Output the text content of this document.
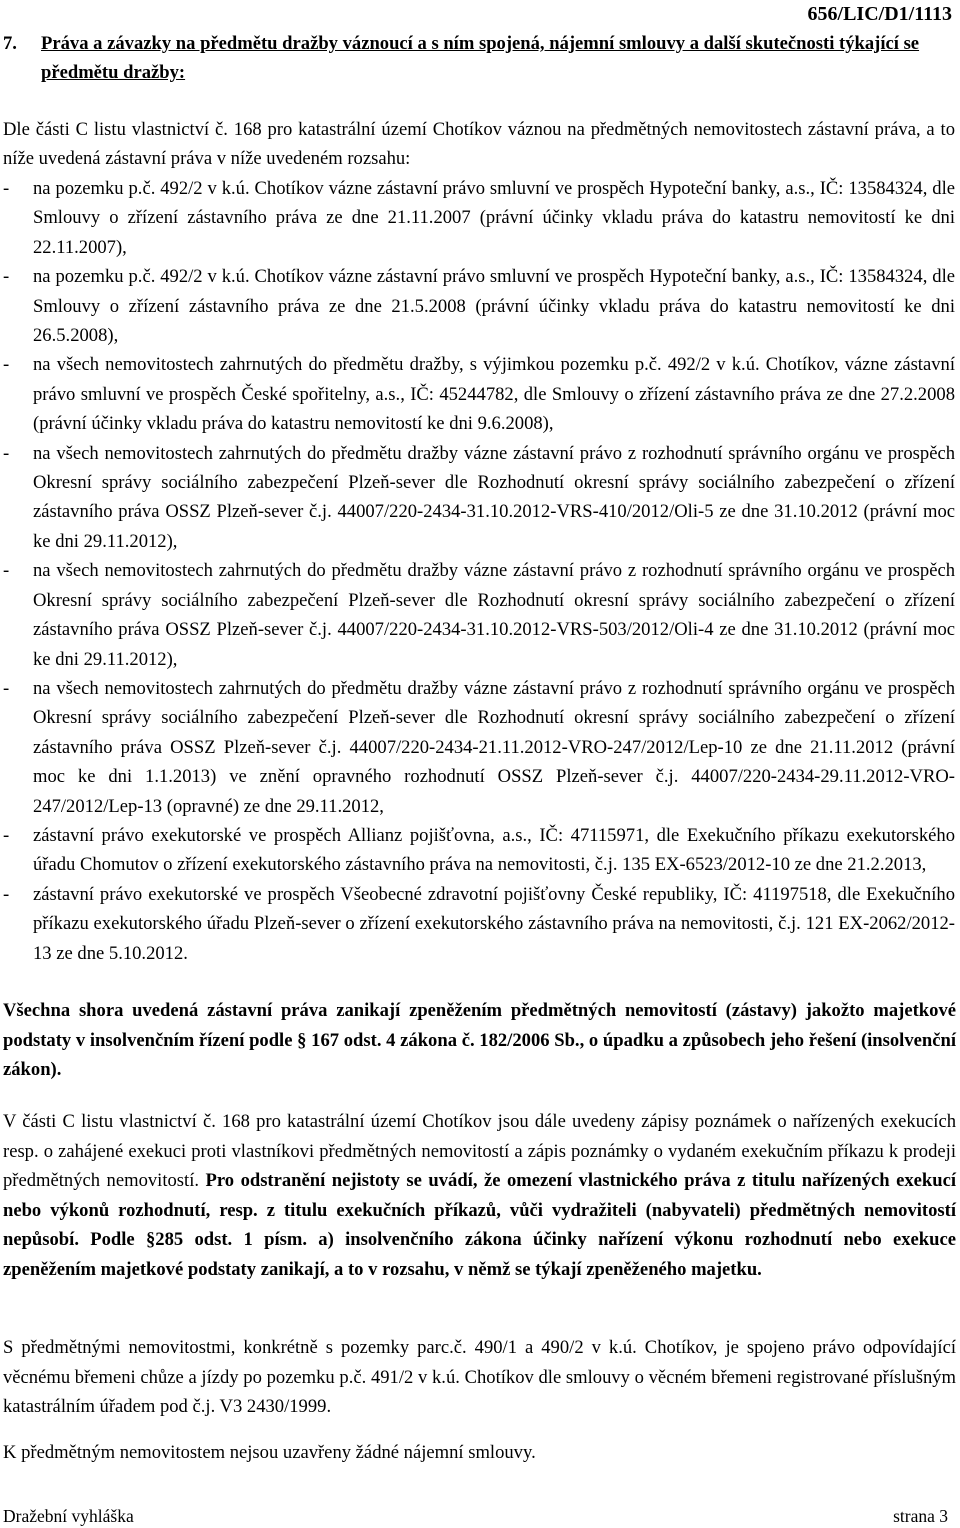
656/LIC/D1/1113
7.	Práva a závazky na předmětu dražby váznoucí a s ním spojená, nájemní smlouvy a další skutečnosti týkající se předmětu dražby:
Dle části C listu vlastnictví č. 168 pro katastrální území Chotíkov váznou na předmětných nemovitostech zástavní práva, a to níže uvedená zástavní práva v níže uvedeném rozsahu:
-	na pozemku p.č. 492/2 v k.ú. Chotíkov vázne zástavní právo smluvní ve prospěch Hypoteční banky, a.s., IČ: 13584324, dle Smlouvy o zřízení zástavního práva ze dne 21.11.2007 (právní účinky vkladu práva do katastru nemovitostí ke dni 22.11.2007),
-	na pozemku p.č. 492/2 v k.ú. Chotíkov vázne zástavní právo smluvní ve prospěch Hypoteční banky, a.s., IČ: 13584324, dle Smlouvy o zřízení zástavního práva ze dne 21.5.2008 (právní účinky vkladu práva do katastru nemovitostí ke dni 26.5.2008),
-	na všech nemovitostech zahrnutých do předmětu dražby, s výjimkou pozemku p.č. 492/2 v k.ú. Chotíkov, vázne zástavní právo smluvní ve prospěch České spořitelny, a.s., IČ: 45244782, dle Smlouvy o zřízení zástavního práva ze dne 27.2.2008 (právní účinky vkladu práva do katastru nemovitostí ke dni 9.6.2008),
-	na všech nemovitostech zahrnutých do předmětu dražby vázne zástavní právo z rozhodnutí správního orgánu ve prospěch Okresní správy sociálního zabezpečení Plzeň-sever dle Rozhodnutí okresní správy sociálního zabezpečení o zřízení zástavního práva OSSZ Plzeň-sever č.j. 44007/220-2434-31.10.2012-VRS-410/2012/Oli-5 ze dne 31.10.2012 (právní moc ke dni 29.11.2012),
-	na všech nemovitostech zahrnutých do předmětu dražby vázne zástavní právo z rozhodnutí správního orgánu ve prospěch Okresní správy sociálního zabezpečení Plzeň-sever dle Rozhodnutí okresní správy sociálního zabezpečení o zřízení zástavního práva OSSZ Plzeň-sever č.j. 44007/220-2434-31.10.2012-VRS-503/2012/Oli-4 ze dne 31.10.2012 (právní moc ke dni 29.11.2012),
-	na všech nemovitostech zahrnutých do předmětu dražby vázne zástavní právo z rozhodnutí správního orgánu ve prospěch Okresní správy sociálního zabezpečení Plzeň-sever dle Rozhodnutí okresní správy sociálního zabezpečení o zřízení zástavního práva OSSZ Plzeň-sever č.j. 44007/220-2434-21.11.2012-VRO-247/2012/Lep-10 ze dne 21.11.2012 (právní moc ke dni 1.1.2013) ve znění opravného rozhodnutí OSSZ Plzeň-sever č.j. 44007/220-2434-29.11.2012-VRO-247/2012/Lep-13 (opravné) ze dne 29.11.2012,
-	zástavní právo exekutorské ve prospěch Allianz pojišťovna, a.s., IČ: 47115971, dle Exekučního příkazu exekutorského úřadu Chomutov o zřízení exekutorského zástavního práva na nemovitosti, č.j. 135 EX-6523/2012-10 ze dne 21.2.2013,
-	zástavní právo exekutorské ve prospěch Všeobecné zdravotní pojišťovny České republiky, IČ: 41197518, dle Exekučního příkazu exekutorského úřadu Plzeň-sever o zřízení exekutorského zástavního práva na nemovitosti, č.j. 121 EX-2062/2012-13 ze dne 5.10.2012.
Všechna shora uvedená zástavní práva zanikají zpeněžením předmětných nemovitostí (zástavy) jakožto majetkové podstaty v insolvenčním řízení podle § 167 odst. 4 zákona č. 182/2006 Sb., o úpadku a způsobech jeho řešení (insolvenční zákon).
V části C listu vlastnictví č. 168 pro katastrální území Chotíkov jsou dále uvedeny zápisy poznámek o nařízených exekucích resp. o zahájené exekuci proti vlastníkovi předmětných nemovitostí a zápis poznámky o vydaném exekučním příkazu k prodeji předmětných nemovitostí. Pro odstranění nejistoty se uvádí, že omezení vlastnického práva z titulu nařízených exekucí nebo výkonů rozhodnutí, resp. z titulu exekučních příkazů, vůči vydražiteli (nabyvateli) předmětných nemovitostí nepůsobí. Podle §285 odst. 1 písm. a) insolvenčního zákona účinky nařízení výkonu rozhodnutí nebo exekuce zpeněžením majetkové podstaty zanikají, a to v rozsahu, v němž se týkají zpeněženého majetku.
S předmětnými nemovitostmi, konkrétně s pozemky parc.č. 490/1 a 490/2 v k.ú. Chotíkov, je spojeno právo odpovídající věcnému břemeni chůze a jízdy po pozemku p.č. 491/2 v k.ú. Chotíkov dle smlouvy o věcném břemeni registrované příslušným katastrálním úřadem pod č.j. V3 2430/1999.
K předmětným nemovitostem nejsou uzavřeny žádné nájemní smlouvy.
Dražební vyhláška	strana 3
